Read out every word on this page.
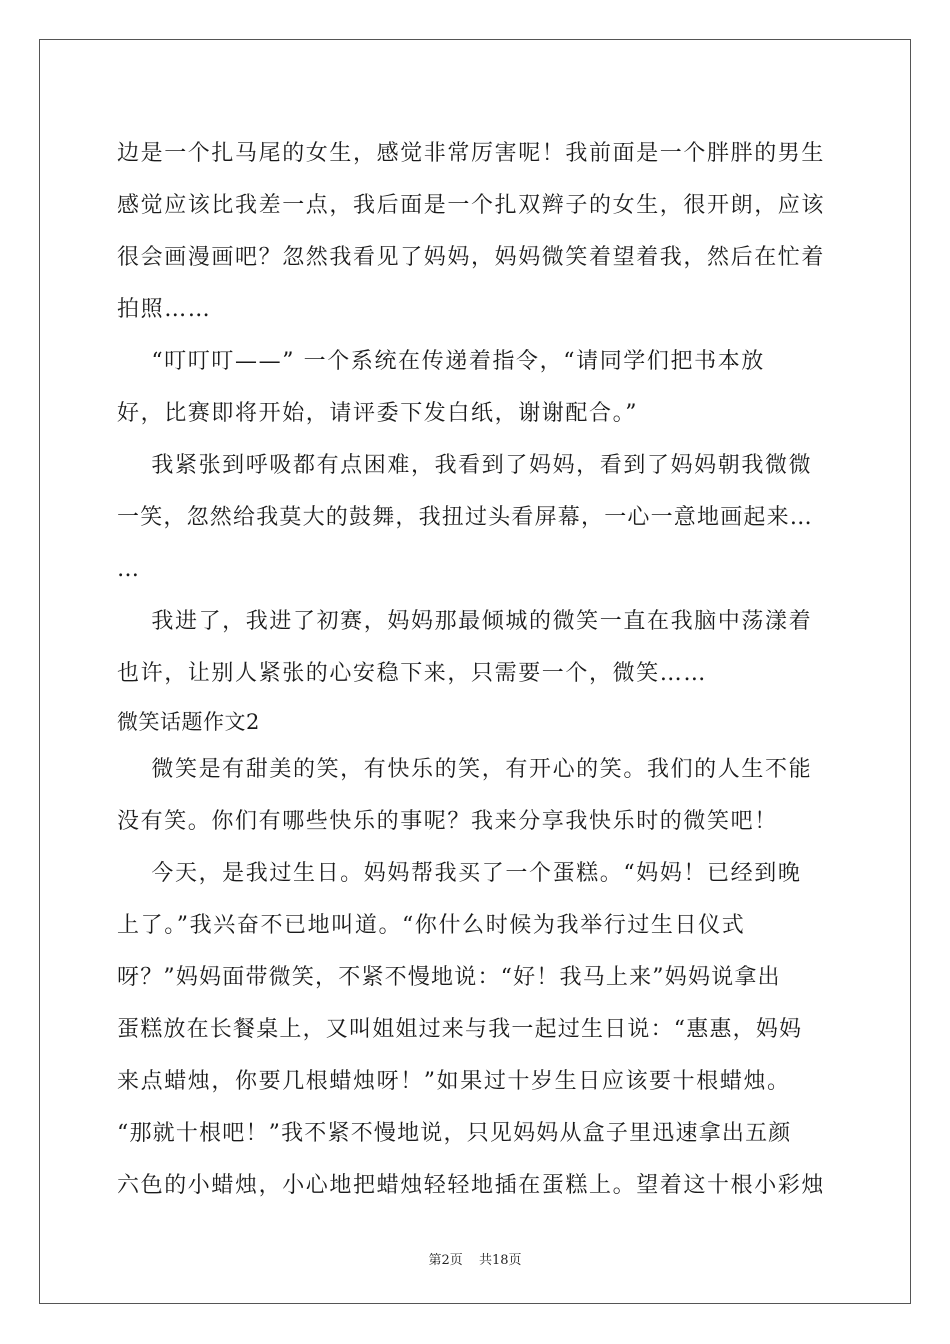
边是一个扎马尾的女生，感觉非常厉害呢！我前面是一个胖胖的男生
感觉应该比我差一点，我后面是一个扎双辫子的女生，很开朗，应该
很会画漫画吧？忽然我看见了妈妈，妈妈微笑着望着我，然后在忙着
拍照……
“叮叮叮——” 一个系统在传递着指令，“请同学们把书本放
好，比赛即将开始，请评委下发白纸，谢谢配合。”
我紧张到呼吸都有点困难，我看到了妈妈，看到了妈妈朝我微微
一笑，忽然给我莫大的鼓舞，我扭过头看屏幕，一心一意地画起来…
…
我进了，我进了初赛，妈妈那最倾城的微笑一直在我脑中荡漾着
也许，让别人紧张的心安稳下来，只需要一个，微笑……
微笑话题作文2
微笑是有甜美的笑，有快乐的笑，有开心的笑。我们的人生不能
没有笑。你们有哪些快乐的事呢？我来分享我快乐时的微笑吧！
今天，是我过生日。妈妈帮我买了一个蛋糕。“妈妈！已经到晚
上了。”我兴奋不已地叫道。“你什么时候为我举行过生日仪式
呀？”妈妈面带微笑，不紧不慢地说：“好！我马上来”妈妈说拿出
蛋糕放在长餐桌上，又叫姐姐过来与我一起过生日说：“惠惠，妈妈
来点蜡烛，你要几根蜡烛呀！”如果过十岁生日应该要十根蜡烛。
“那就十根吧！”我不紧不慢地说，只见妈妈从盒子里迅速拿出五颜
六色的小蜡烛，小心地把蜡烛轻轻地插在蛋糕上。望着这十根小彩烛
第2页 共18页
